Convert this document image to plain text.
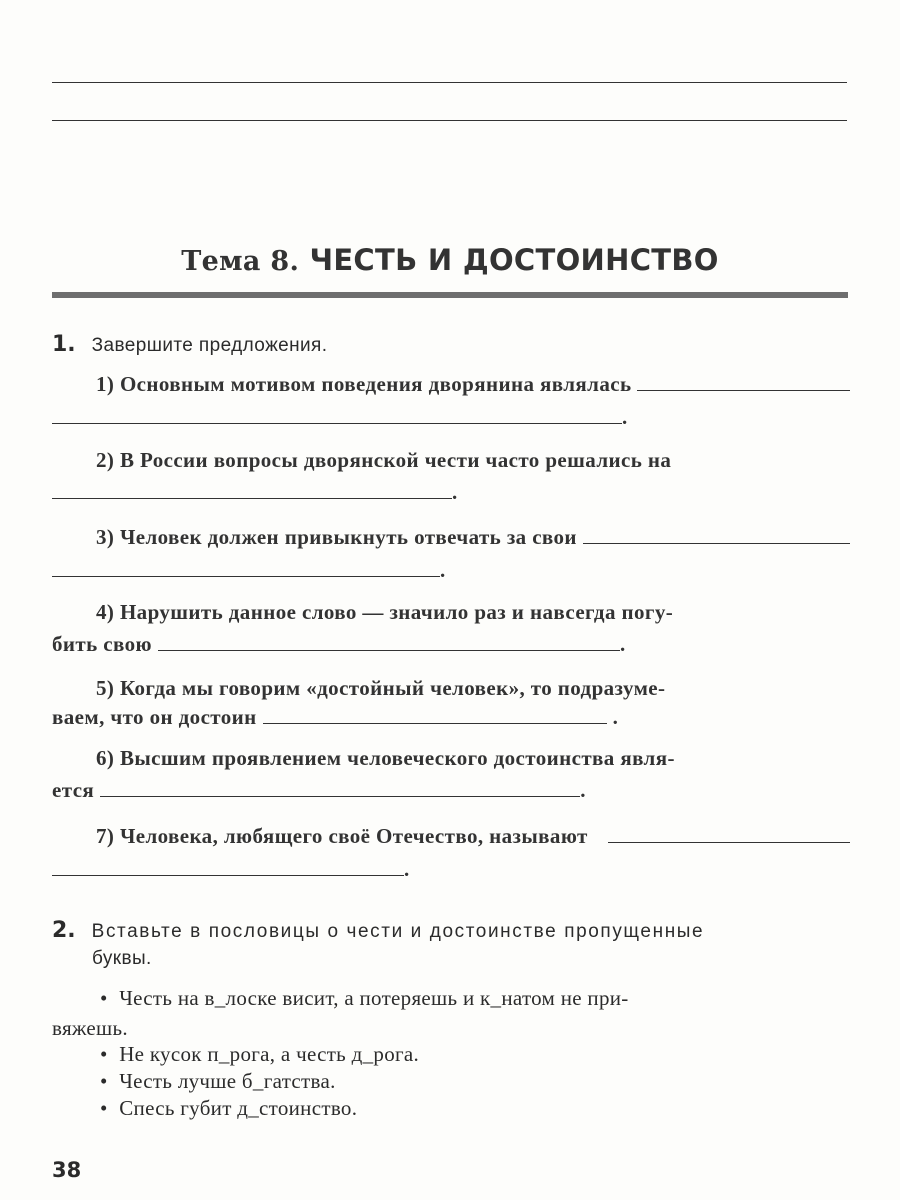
Тема 8. ЧЕСТЬ И ДОСТОИНСТВО
1. Завершите предложения.
1) Основным мотивом поведения дворянина являлась
.
2) В России вопросы дворянской чести часто решались на
.
3) Человек должен привыкнуть отвечать за свои
.
4) Нарушить данное слово — значило раз и навсегда погу-
бить свою	.
5) Когда мы говорим «достойный человек», то подразуме-
ваем, что он достоин	.
6) Высшим проявлением человеческого достоинства явля-
ется	.
7) Человека, любящего своё Отечество, называют
.
2. Вставьте в пословицы о чести и достоинстве пропущенные
буквы.
• Честь на в_лоске висит, а потеряешь и к_натом не при-
вяжешь.
• Не кусок п_рога, а честь д_рога.
• Честь лучше б_гатства.
• Спесь губит д_стоинство.
38
